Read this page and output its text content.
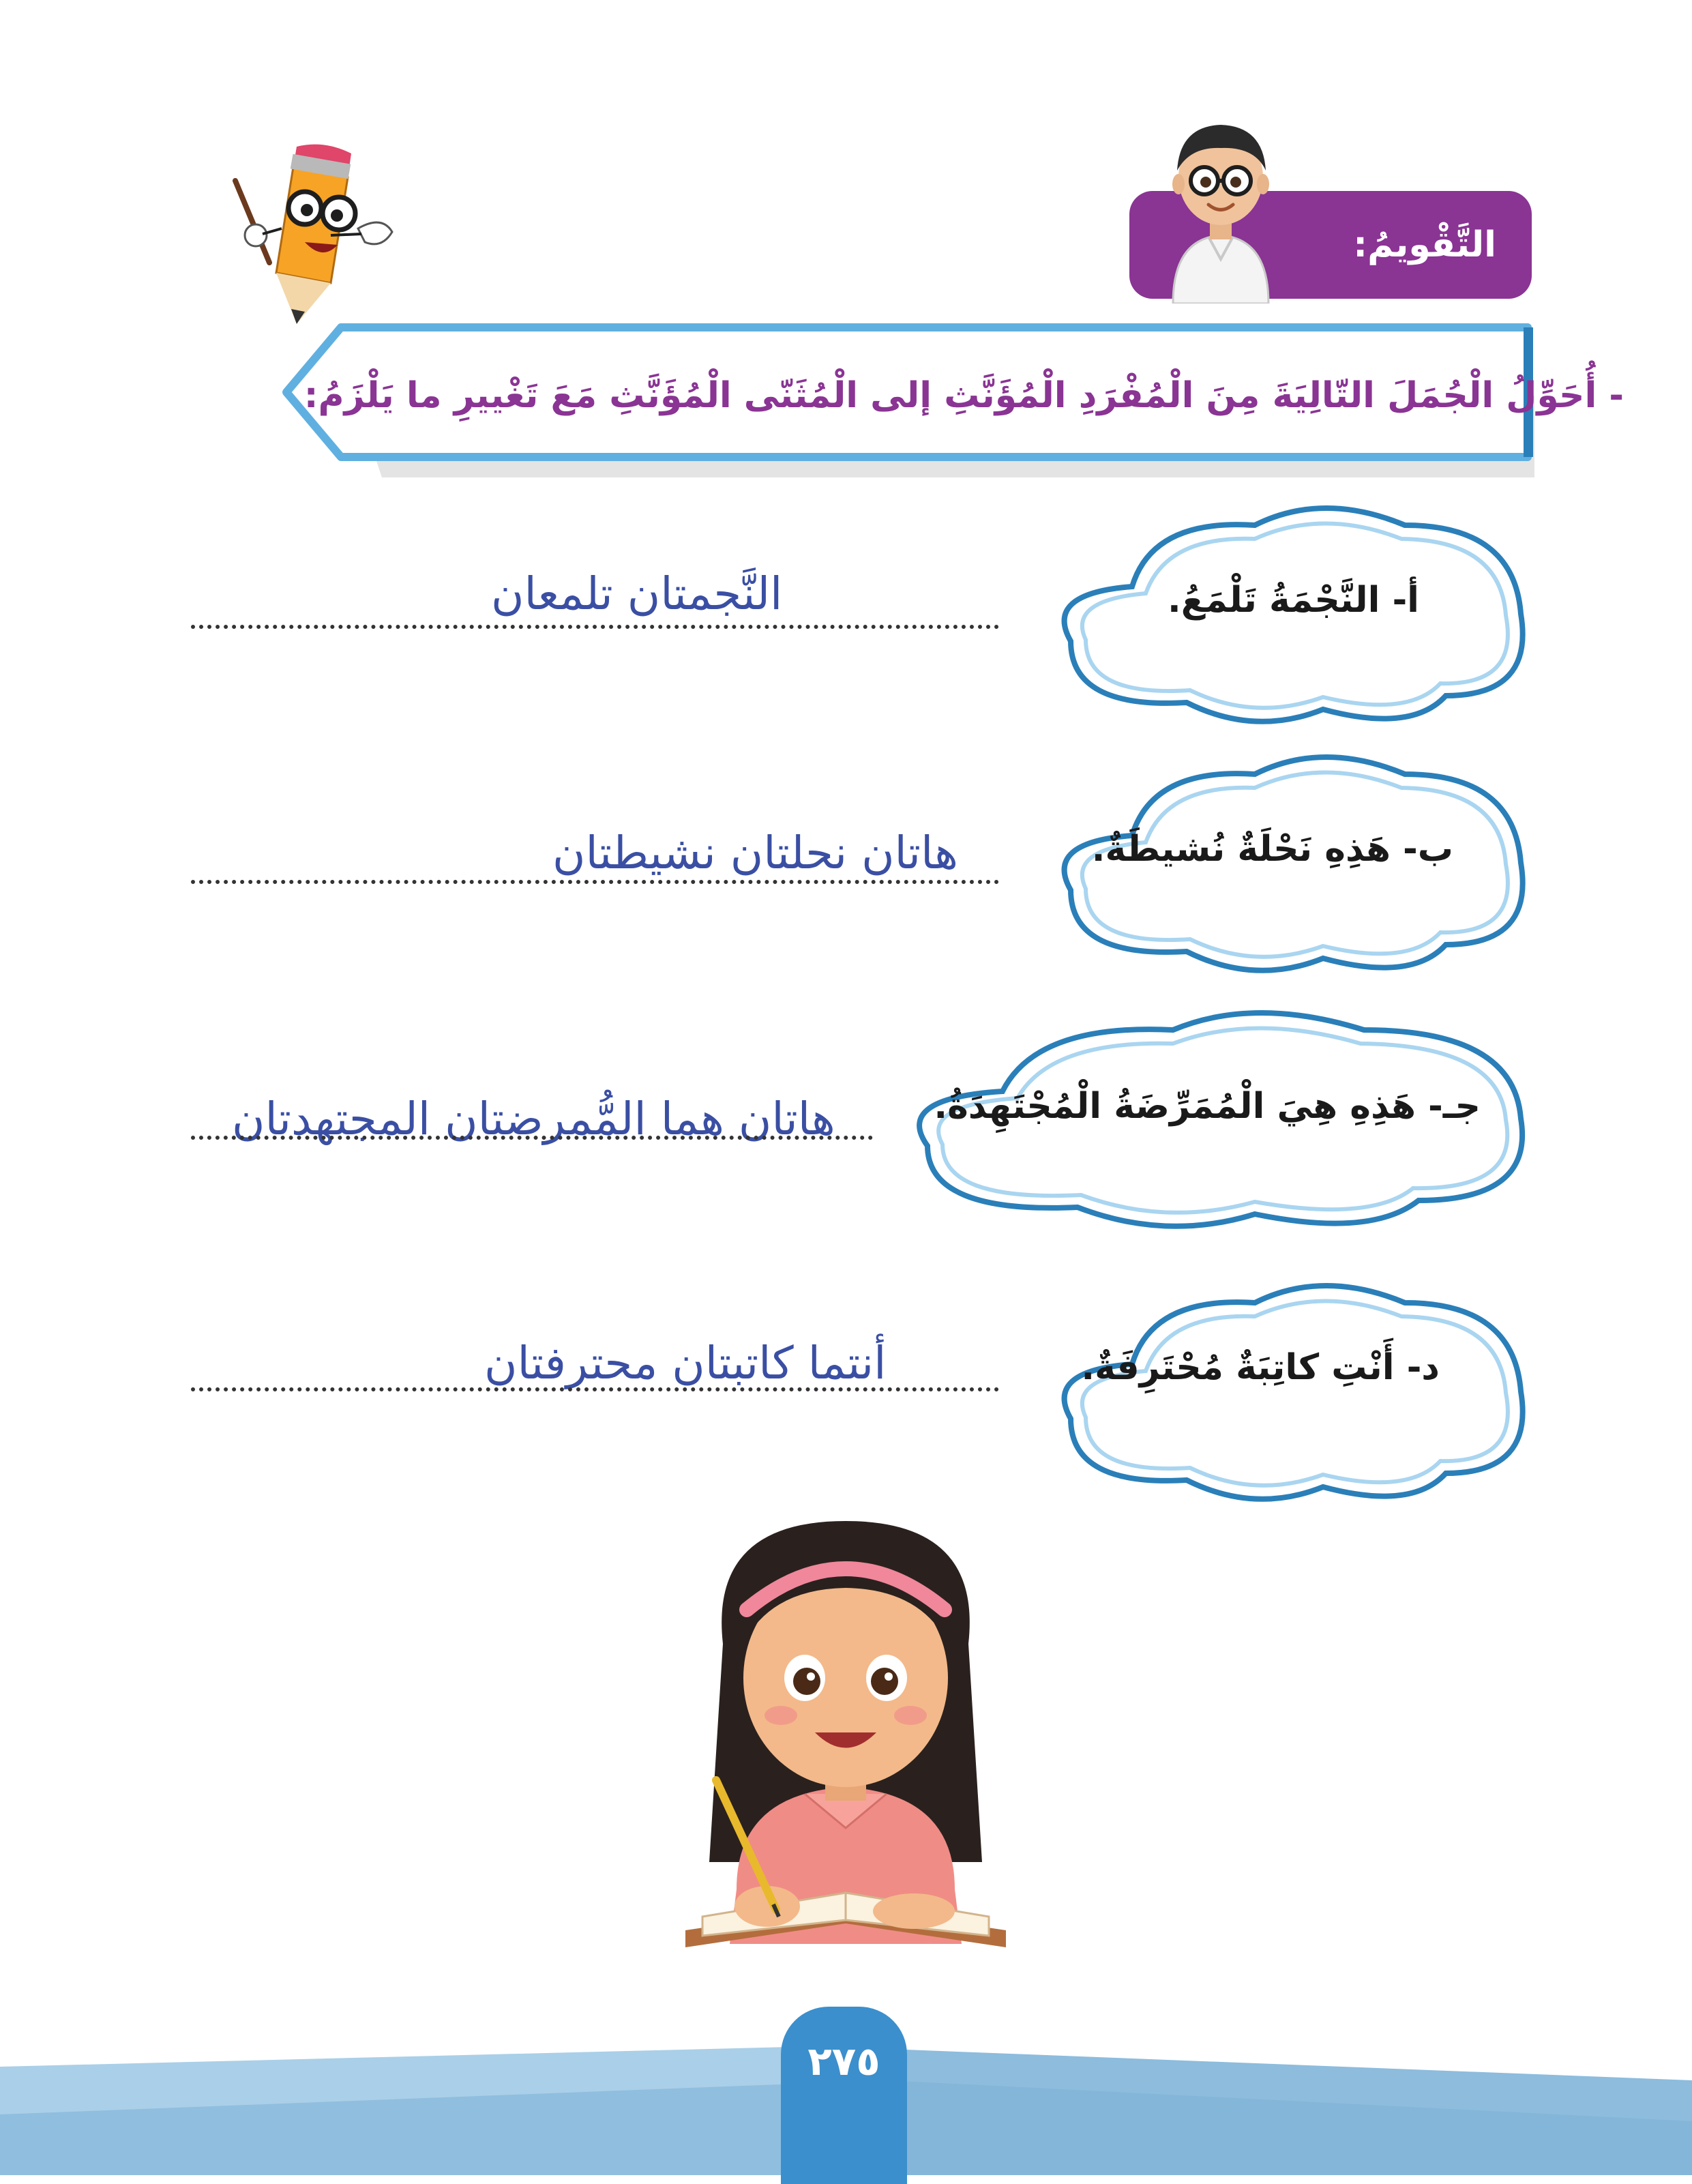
التَّقْويمُ:
- أُحَوِّلُ الْجُمَلَ التّالِيَةَ مِنَ الْمُفْرَدِ الْمُؤَنَّثِ إلى الْمُثَنّى الْمُؤَنَّثِ مَعَ تَغْييرِ ما يَلْزَمُ:
أ- النَّجْمَةُ تَلْمَعُ.
النَّجمتان تلمعان
ب- هَذِهِ نَحْلَةٌ نُشيطَةٌ.
هاتان نحلتان نشيطتان
جـ- هَذِهِ هِيَ الْمُمَرِّضَةُ الْمُجْتَهِدَةُ.
هاتان هما المُّمرضتان المجتهدتان
د- أَنْتِ كاتِبَةٌ مُحْتَرِفَةٌ.
أنتما كاتبتان محترفتان
٢٧٥
